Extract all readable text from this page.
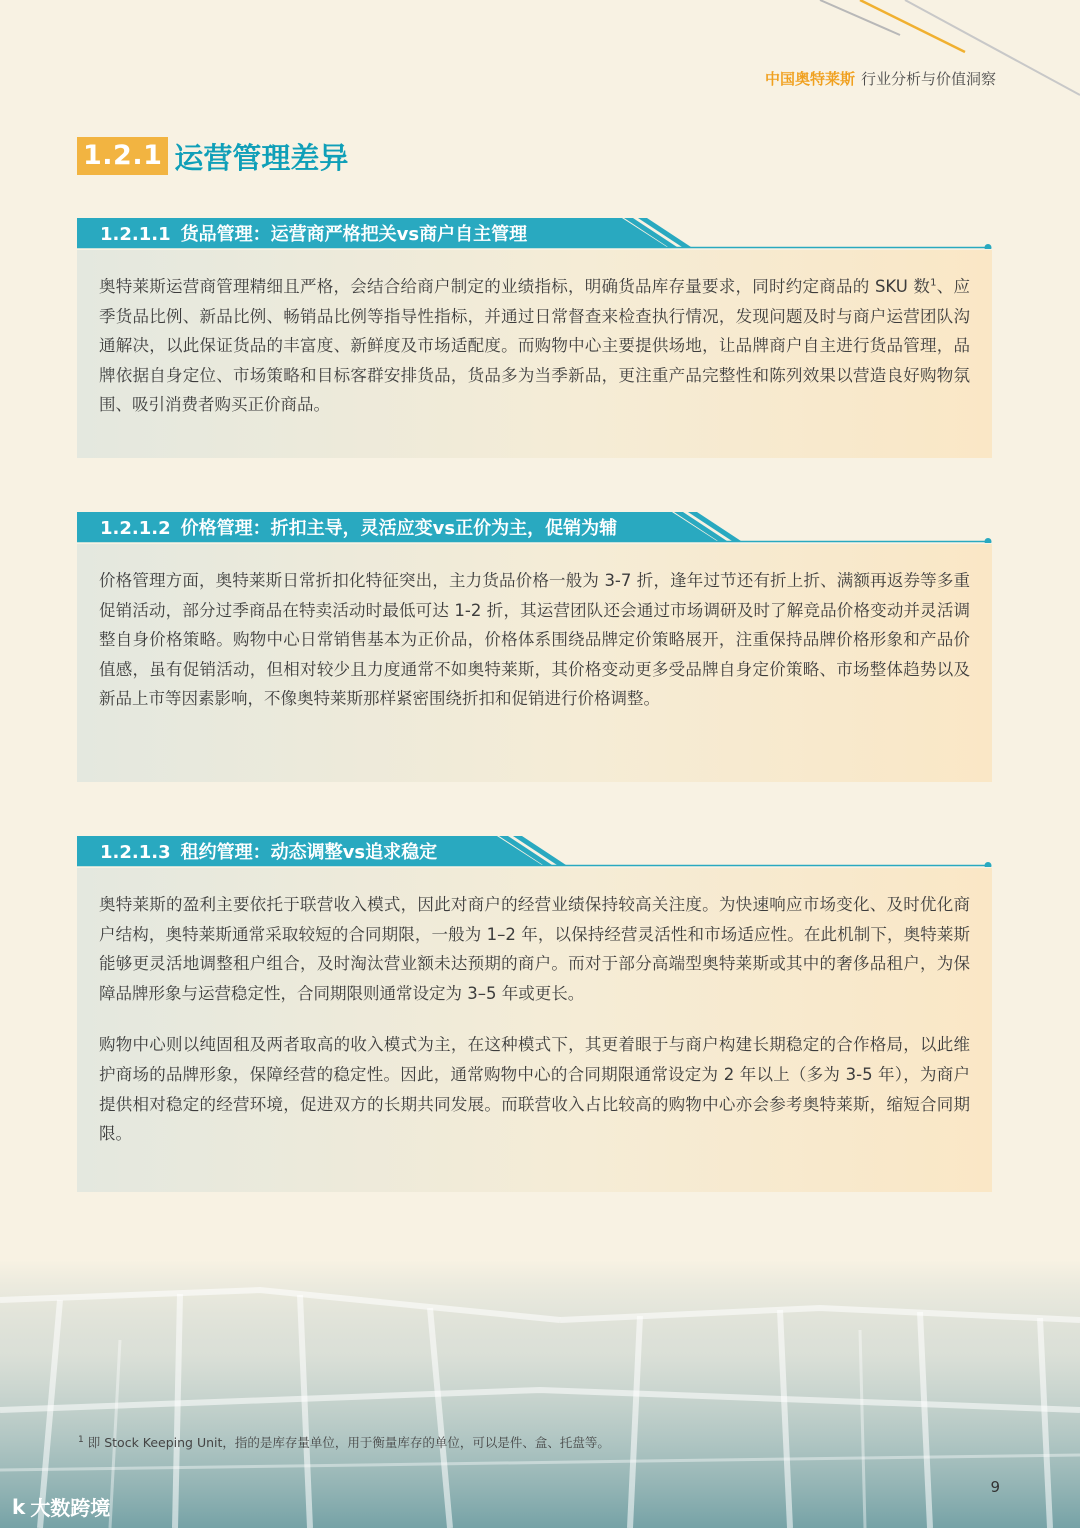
中国奥特莱斯 行业分析与价值洞察
1.2.1 运营管理差异
1.2.1.1 货品管理：运营商严格把关vs商户自主管理

奥特莱斯运营商管理精细且严格，会结合给商户制定的业绩指标，明确货品库存量要求，同时约定商品的 SKU 数$^1$、应季货品比例、新品比例、畅销品比例等指导性指标，并通过日常督查来检查执行情况，发现问题及时与商户运营团队沟通解决，以此保证货品的丰富度、新鲜度及市场适配度。而购物中心主要提供场地，让品牌商户自主进行货品管理，品牌依据自身定位、市场策略和目标客群安排货品，货品多为当季新品，更注重产品完整性和陈列效果以营造良好购物氛围、吸引消费者购买正价商品。

1.2.1.2 价格管理：折扣主导，灵活应变vs正价为主，促销为辅

价格管理方面，奥特莱斯日常折扣化特征突出，主力货品价格一般为 3-7 折，逢年过节还有折上折、满额再返券等多重促销活动，部分过季商品在特卖活动时最低可达 1-2 折，其运营团队还会通过市场调研及时了解竞品价格变动并灵活调整自身价格策略。购物中心日常销售基本为正价品，价格体系围绕品牌定价策略展开，注重保持品牌价格形象和产品价值感，虽有促销活动，但相对较少且力度通常不如奥特莱斯，其价格变动更多受品牌自身定价策略、市场整体趋势以及新品上市等因素影响，不像奥特莱斯那样紧密围绕折扣和促销进行价格调整。

1.2.1.3 租约管理：动态调整vs追求稳定

奥特莱斯的盈利主要依托于联营收入模式，因此对商户的经营业绩保持较高关注度。为快速响应市场变化、及时优化商户结构，奥特莱斯通常采取较短的合同期限，一般为 1–2 年，以保持经营灵活性和市场适应性。在此机制下，奥特莱斯能够更灵活地调整租户组合，及时淘汰营业额未达预期的商户。而对于部分高端型奥特莱斯或其中的奢侈品租户，为保障品牌形象与运营稳定性，合同期限则通常设定为 3–5 年或更长。

购物中心则以纯固租及两者取高的收入模式为主，在这种模式下，其更着眼于与商户构建长期稳定的合作格局，以此维护商场的品牌形象，保障经营的稳定性。因此，通常购物中心的合同期限通常设定为 2 年以上（多为 3-5 年），为商户提供相对稳定的经营环境，促进双方的长期共同发展。而联营收入占比较高的购物中心亦会参考奥特莱斯，缩短合同期限。

$^1$ 即 Stock Keeping Unit，指的是库存量单位，用于衡量库存的单位，可以是件、盒、托盘等。
9
k 大数跨境
